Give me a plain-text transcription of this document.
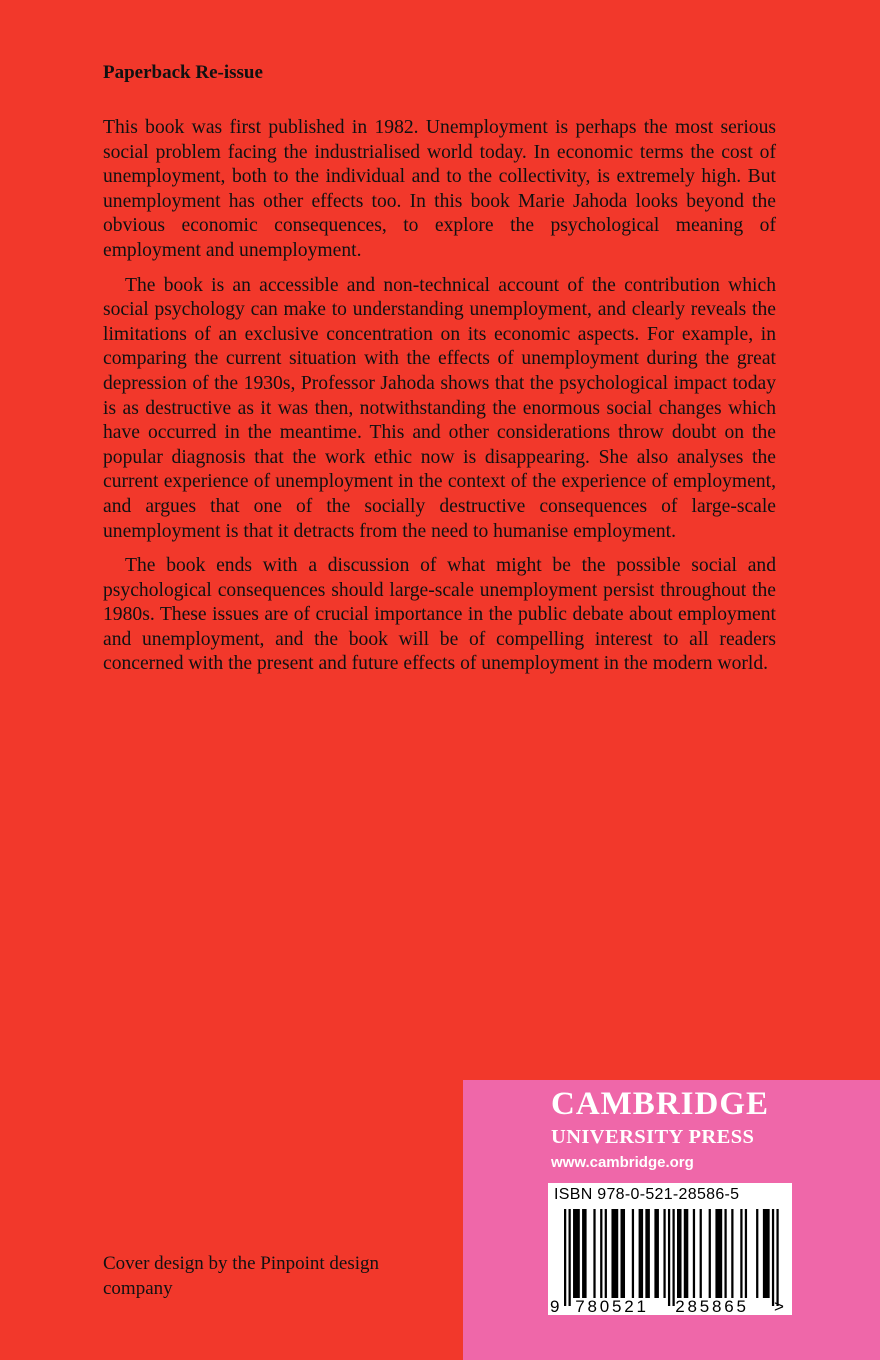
Paperback Re-issue

This book was first published in 1982. Unemployment is perhaps the most serious social problem facing the industrialised world today. In economic terms the cost of unemployment, both to the individual and to the collectivity, is extremely high. But unemployment has other effects too. In this book Marie Jahoda looks beyond the obvious economic consequences, to explore the psychological meaning of employment and unemployment.

The book is an accessible and non-technical account of the contribution which social psychology can make to understanding unemployment, and clearly reveals the limitations of an exclusive concentration on its economic aspects. For example, in comparing the current situation with the effects of unemployment during the great depression of the 1930s, Professor Jahoda shows that the psychological impact today is as destructive as it was then, notwithstanding the enormous social changes which have occurred in the meantime. This and other considerations throw doubt on the popular diagnosis that the work ethic now is disappearing. She also analyses the current experience of unemployment in the context of the experience of employment, and argues that one of the socially destructive consequences of large-scale unemployment is that it detracts from the need to humanise employment.

The book ends with a discussion of what might be the possible social and psychological consequences should large-scale unemployment persist throughout the 1980s. These issues are of crucial importance in the public debate about employment and unemployment, and the book will be of compelling interest to all readers concerned with the present and future effects of unemployment in the modern world.

Cover design by the Pinpoint design company
CAMBRIDGE
UNIVERSITY PRESS
www.cambridge.org
ISBN 978-0-521-28586-5
9 780521 285865 >
